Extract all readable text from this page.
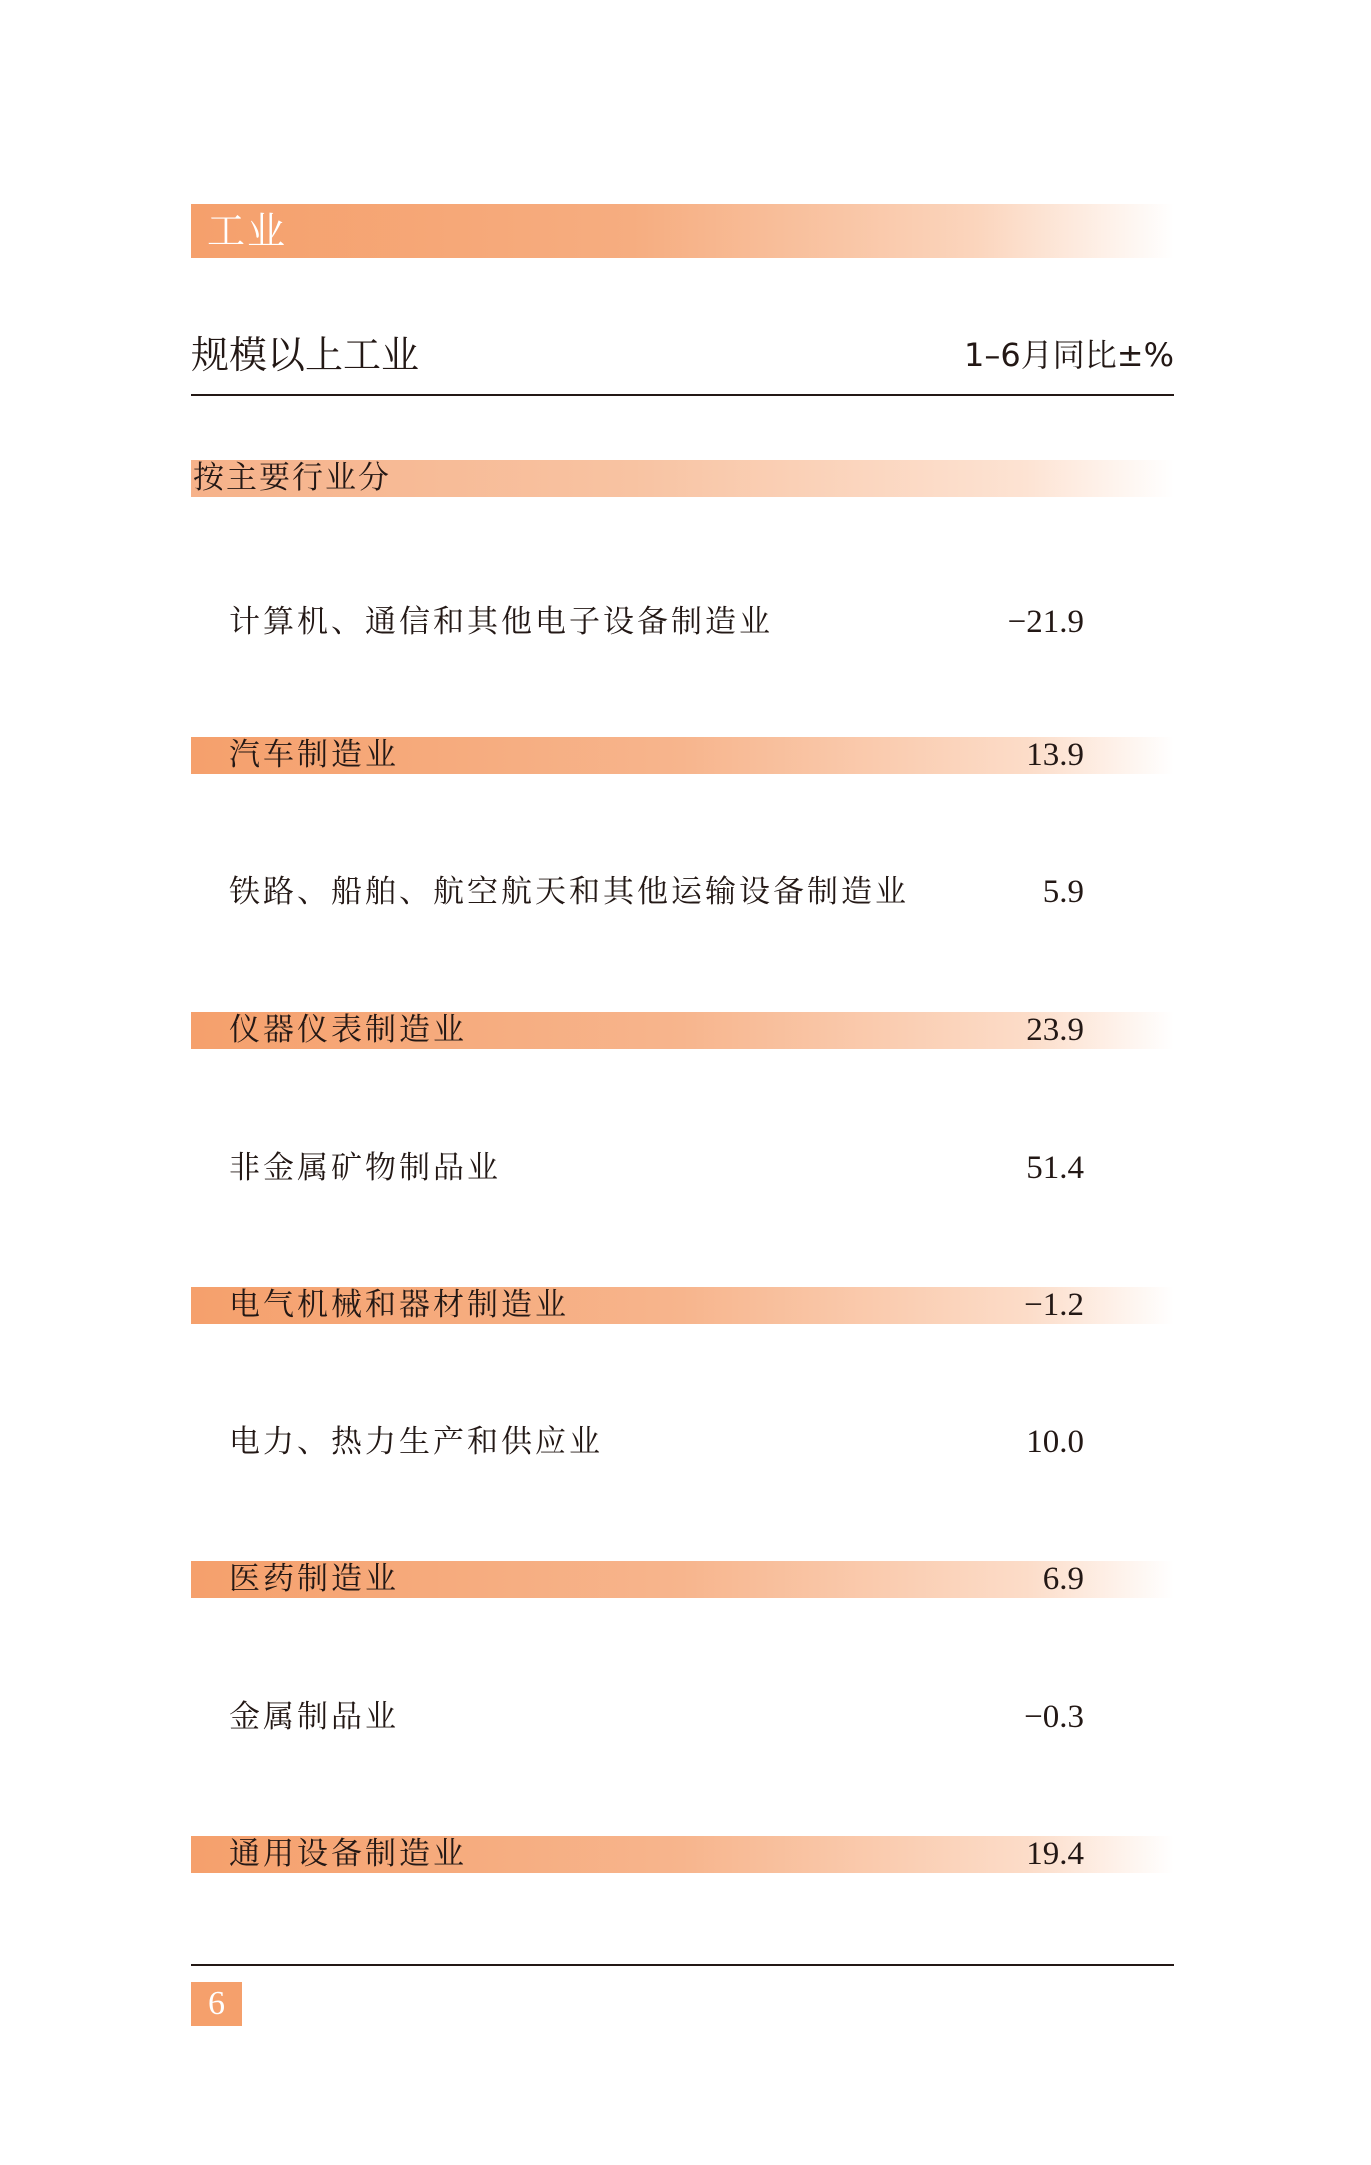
工业
规模以上工业	1–6月同比±%
按主要行业分
计算机、通信和其他电子设备制造业	−21.9
汽车制造业	13.9
铁路、船舶、航空航天和其他运输设备制造业	5.9
仪器仪表制造业	23.9
非金属矿物制品业	51.4
电气机械和器材制造业	−1.2
电力、热力生产和供应业	10.0
医药制造业	6.9
金属制品业	−0.3
通用设备制造业	19.4
6
